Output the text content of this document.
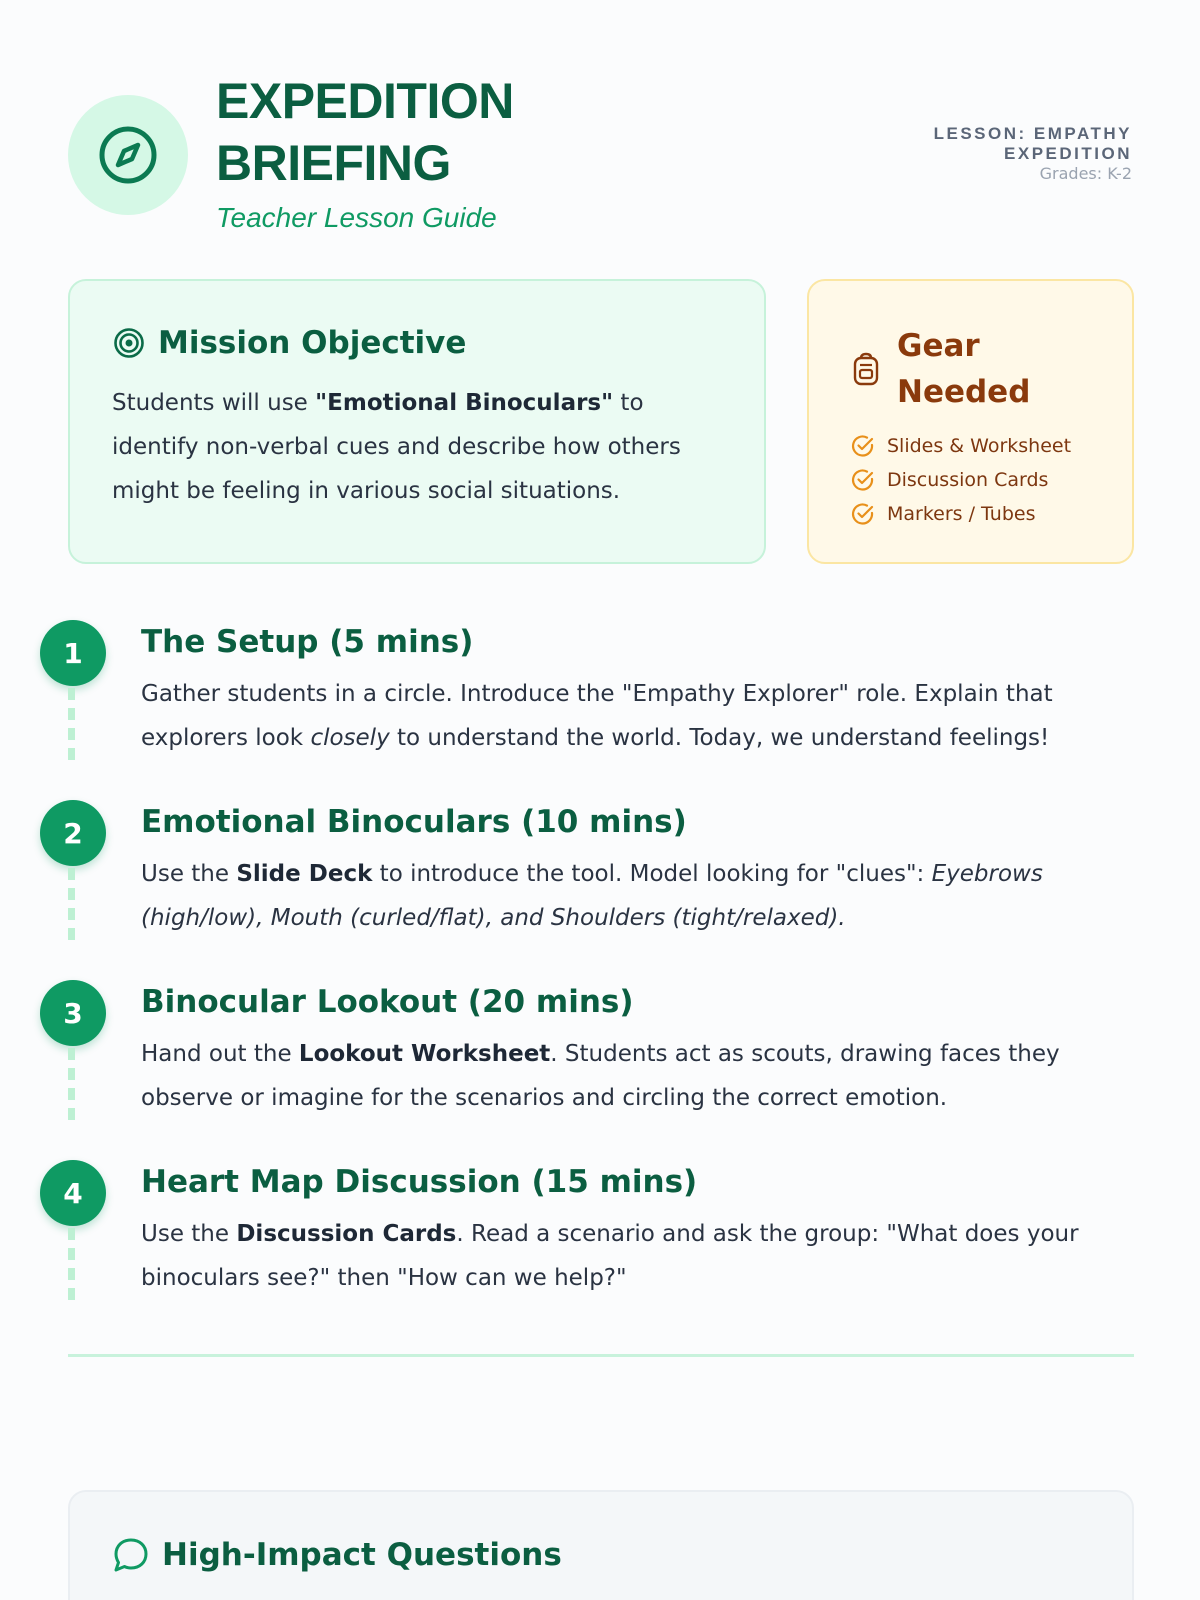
EXPEDITION
BRIEFING
Teacher Lesson Guide
LESSON: EMPATHY EXPEDITION
Grades: K-2
Mission Objective

Students will use "Emotional Binoculars" to identify non-verbal cues and describe how others might be feeling in various social situations.

Gear Needed
Slides & Worksheet
Discussion Cards
Markers / Tubes
1	The Setup (5 mins)

Gather students in a circle. Introduce the "Empathy Explorer" role. Explain that explorers look closely to understand the world. Today, we understand feelings!

2	Emotional Binoculars (10 mins)

Use the Slide Deck to introduce the tool. Model looking for "clues": Eyebrows (high/low), Mouth (curled/flat), and Shoulders (tight/relaxed).

3	Binocular Lookout (20 mins)

Hand out the Lookout Worksheet. Students act as scouts, drawing faces they observe or imagine for the scenarios and circling the correct emotion.

4	Heart Map Discussion (15 mins)

Use the Discussion Cards. Read a scenario and ask the group: "What does your binoculars see?" then "How can we help?"

High-Impact Questions
